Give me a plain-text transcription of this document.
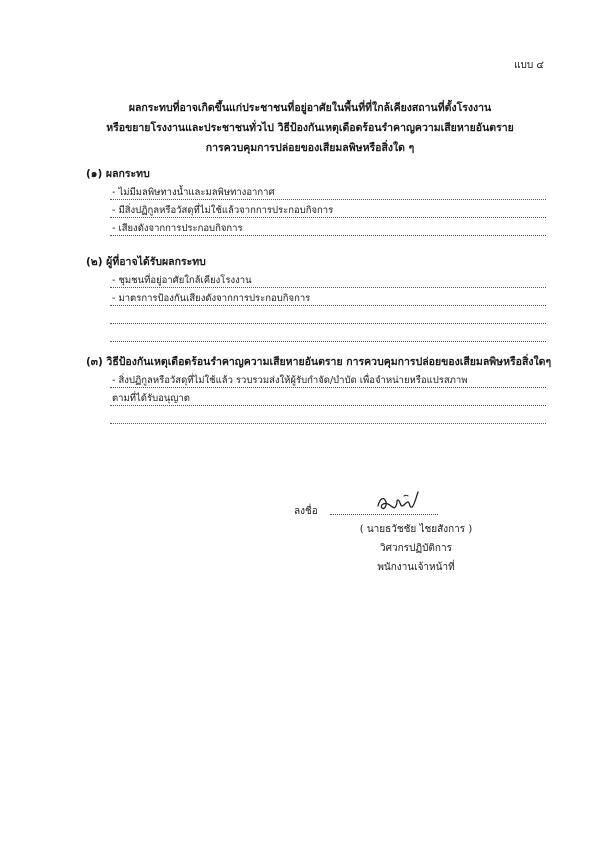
แบบ ๔
ผลกระทบที่อาจเกิดขึ้นแก่ประชาชนที่อยู่อาศัยในพื้นที่ที่ใกล้เคียงสถานที่ตั้งโรงงาน
หรือขยายโรงงานและประชาชนทั่วไป วิธีป้องกันเหตุเดือดร้อนรำคาญความเสียหายอันตราย
การควบคุมการปล่อยของเสียมลพิษหรือสิ่งใด ๆ
(๑) ผลกระทบ
- ไม่มีมลพิษทางน้ำและมลพิษทางอากาศ
- มีสิ่งปฏิกูลหรือวัสดุที่ไม่ใช้แล้วจากการประกอบกิจการ
- เสียงดังจากการประกอบกิจการ
(๒) ผู้ที่อาจได้รับผลกระทบ
- ชุมชนที่อยู่อาศัยใกล้เคียงโรงงาน
- มาตรการป้องกันเสียงดังจากการประกอบกิจการ
(๓) วิธีป้องกันเหตุเดือดร้อนรำคาญความเสียหายอันตราย การควบคุมการปล่อยของเสียมลพิษหรือสิ่งใดๆ
- สิ่งปฏิกูลหรือวัสดุที่ไม่ใช้แล้ว รวบรวมส่งให้ผู้รับกำจัด/บำบัด เพื่อจำหน่ายหรือแปรสภาพ
ตามที่ได้รับอนุญาต
ลงชื่อ
( นายธวัชชัย ไชยสังการ )
วิศวกรปฏิบัติการ
พนักงานเจ้าหน้าที่
